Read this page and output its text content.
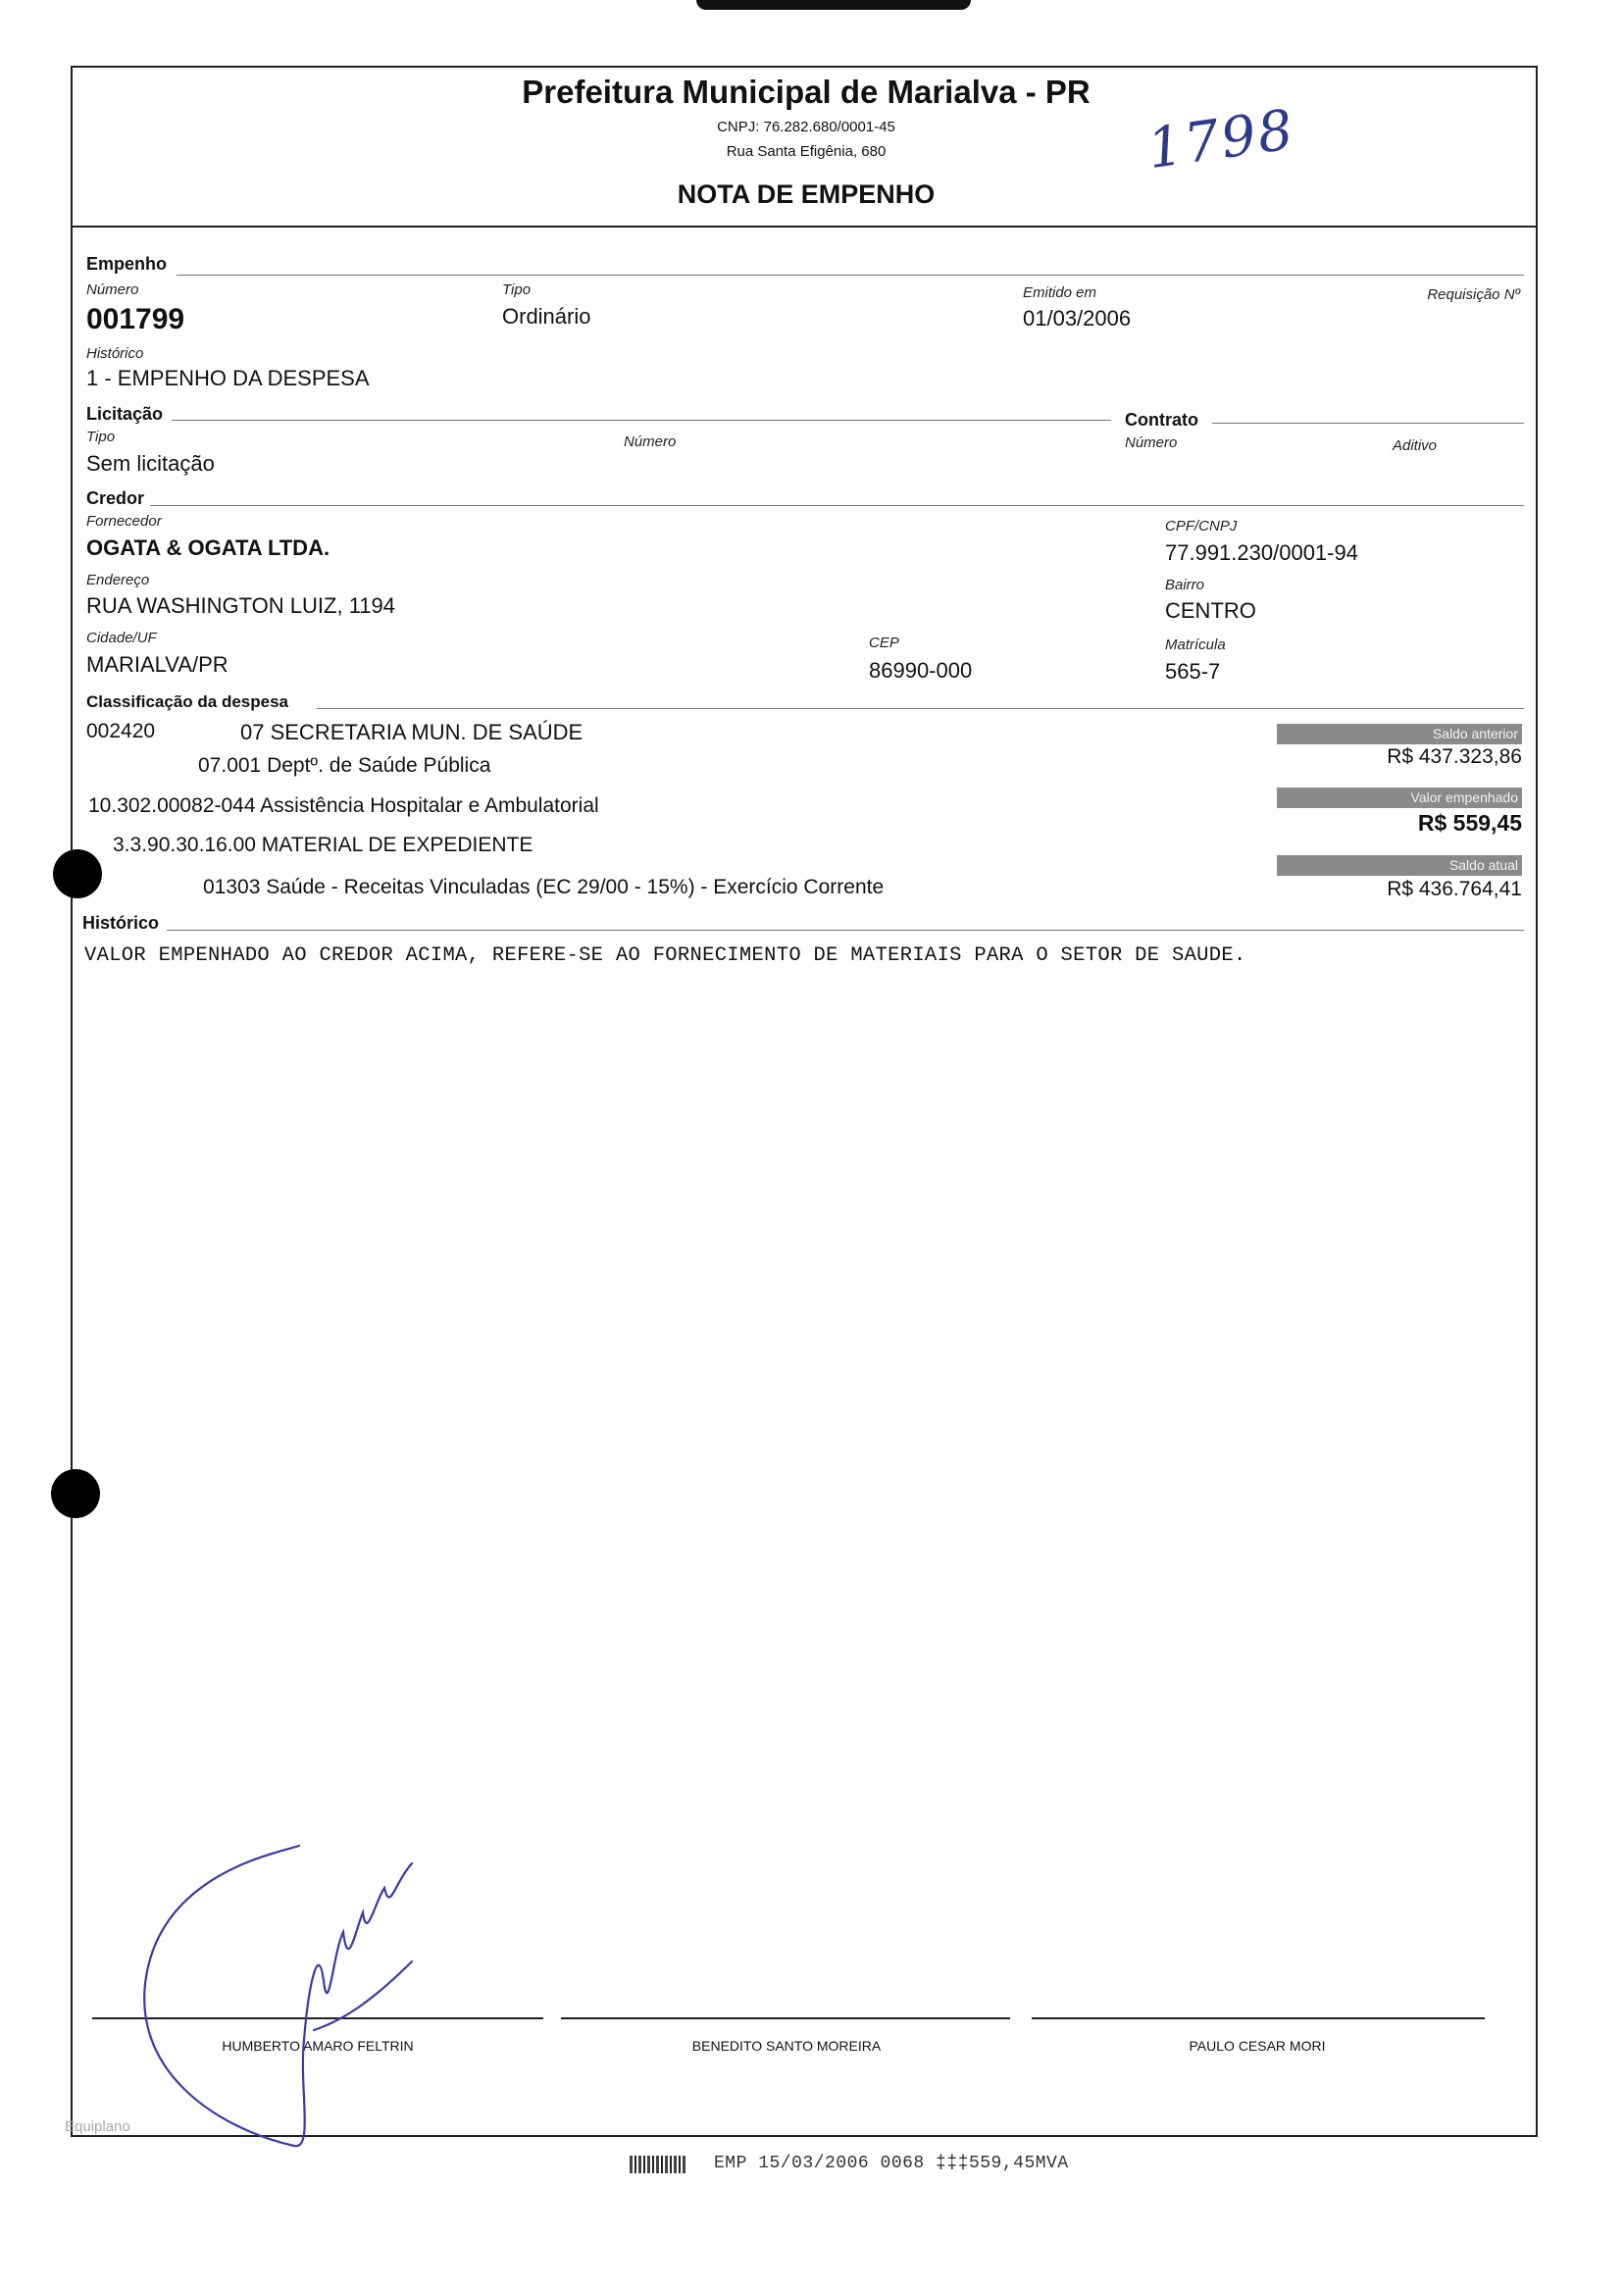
Prefeitura Municipal de Marialva - PR
CNPJ: 76.282.680/0001-45
Rua Santa Efigênia, 680
NOTA DE EMPENHO
1798
Empenho
Número
001799
Tipo
Ordinário
Emitido em
01/03/2006
Requisição Nº
Histórico
1 - EMPENHO DA DESPESA
Licitação	Contrato
Tipo
Sem licitação
Número	Número	Aditivo
Credor
Fornecedor
OGATA & OGATA LTDA.
CPF/CNPJ
77.991.230/0001-94
Endereço
RUA WASHINGTON LUIZ, 1194
Bairro
CENTRO
Cidade/UF
MARIALVA/PR
CEP
86990-000
Matrícula
565-7
Classificação da despesa
002420	07 SECRETARIA MUN. DE SAÚDE
07.001 Deptº. de Saúde Pública
10.302.00082-044 Assistência Hospitalar e Ambulatorial
3.3.90.30.16.00 MATERIAL DE EXPEDIENTE
01303 Saúde - Receitas Vinculadas (EC 29/00 - 15%) - Exercício Corrente
Saldo anterior
R$ 437.323,86
Valor empenhado
R$ 559,45
Saldo atual
R$ 436.764,41
Histórico
VALOR EMPENHADO AO CREDOR ACIMA, REFERE-SE AO FORNECIMENTO DE MATERIAIS PARA O SETOR DE SAUDE.
HUMBERTO AMARO FELTRIN	BENEDITO SANTO MOREIRA	PAULO CESAR MORI
Equiplano
EMP 15/03/2006 0068 ‡‡‡559,45MVA
